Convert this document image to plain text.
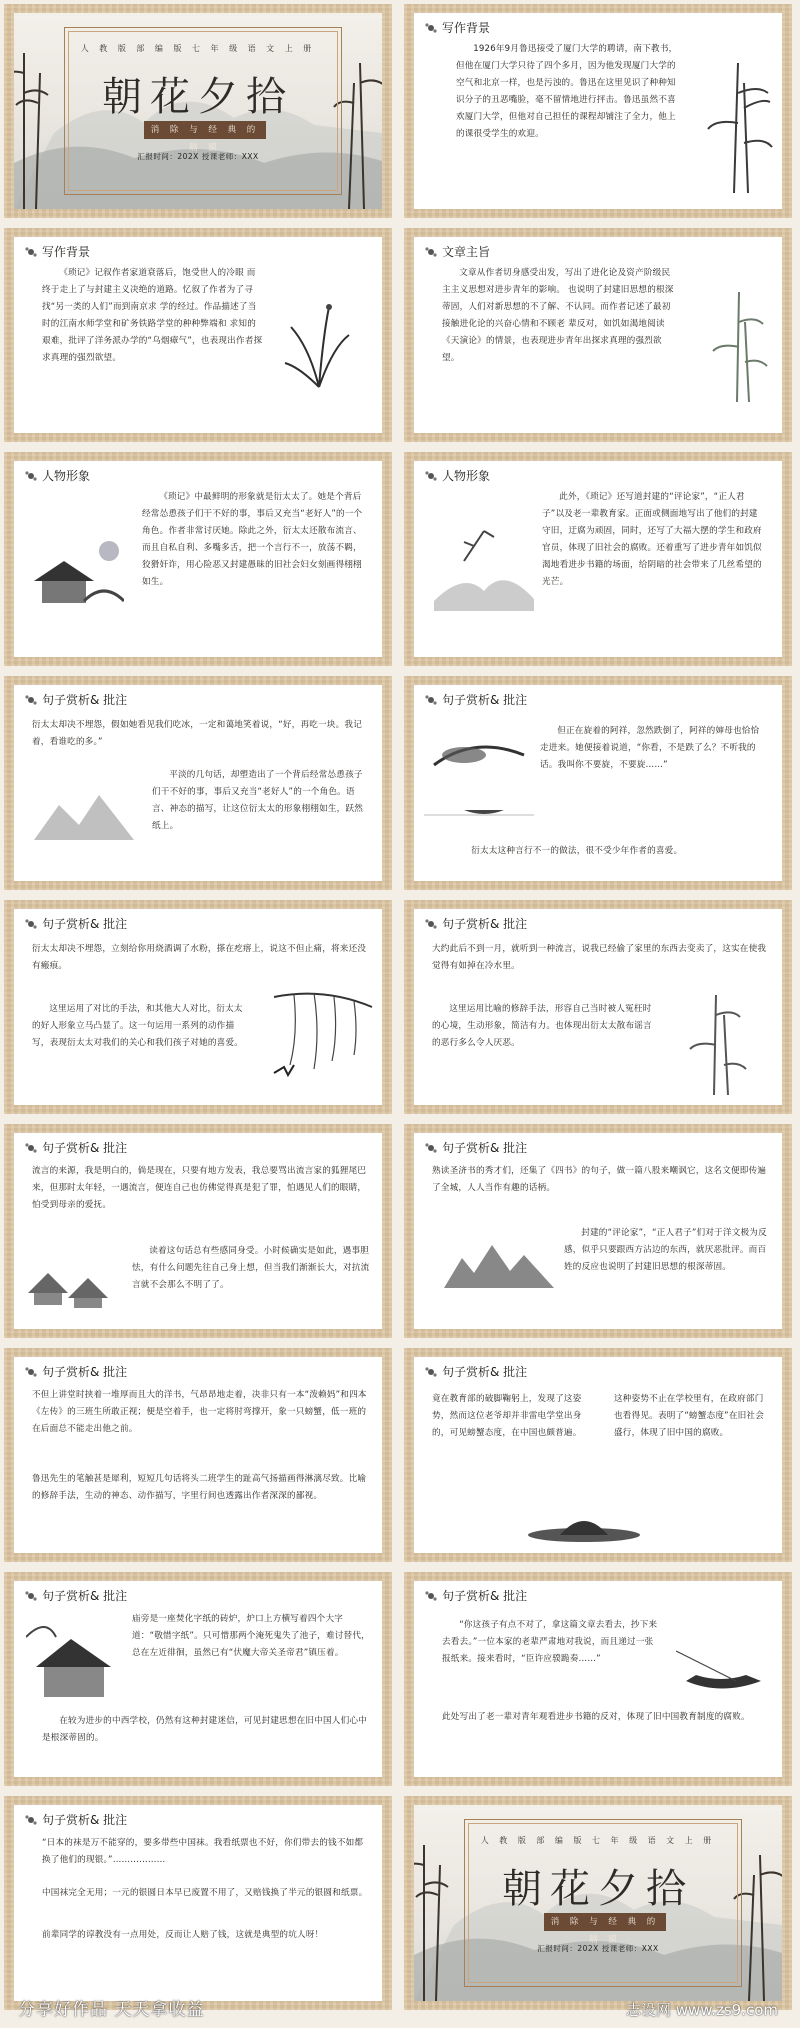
人 教 版 部 编 版 七 年 级 语 文 上 册
朝花夕拾
消 除 与 经 典 的 隔 膜
汇报时间：202X 授课老师：XXX
写作背景

1926年9月鲁迅接受了厦门大学的聘请，南下教书，但他在厦门大学只待了四个多月，因为他发现厦门大学的空气和北京一样，也是污浊的。鲁迅在这里见识了种种知识分子的丑恶嘴脸，毫不留情地进行抨击。鲁迅虽然不喜欢厦门大学，但他对自己担任的课程却铺注了全力，他上的课很受学生的欢迎。

写作背景

《琐记》记叙作者家道衰落后，饱受世人的冷眼 而终于走上了与封建主义决绝的道路。忆叙了作者为了寻找“另一类的人们”而到南京求 学的经过。作品描述了当时的江南水师学堂和矿务铁路学堂的种种弊端和 求知的艰难，批评了洋务派办学的“乌烟瘴气”，也表现出作者探求真理的强烈欲望。

文章主旨

文章从作者切身感受出发，写出了进化论及资产阶级民主主义思想对进步青年的影响。 也说明了封建旧思想的根深蒂固，人们对新思想的不了解、不认同。而作者记述了最初接触进化论的兴奋心情和不顾老 辈反对，如饥如渴地阅读《天演论》的情景，也表现进步青年出探求真理的强烈欲望。

人物形象

《琐记》中最鲜明的形象就是衍太太了。她是个背后经常怂恿孩子们干不好的事，事后又充当“老好人”的一个角色。作者非常讨厌她。除此之外，衍太太还散布流言、而且自私自利、多嘴多舌，把一个言行不一，放荡不羁，狡猾奸诈，用心险恶又封建愚昧的旧社会妇女刻画得栩栩如生。

人物形象

此外，《琐记》还写道封建的“评论家”，“正人君子”以及老一辈教育家。正面或侧面地写出了他们的封建守旧，迂腐为顽固，同时，还写了大福大摆的学生和政府官员，体现了旧社会的腐败。还着重写了进步青年如饥似渴地看进步书籍的场面，给阴暗的社会带来了几丝希望的光芒。

句子赏析& 批注

衍太太却决不埋怨，假如她看见我们吃冰，一定和蔼地笑着说，“好，再吃一块。我记着，看谁吃的多。”

平淡的几句话，却塑造出了一个背后经常怂恿孩子们干不好的事，事后又充当“老好人”的一个角色。语言、神态的描写，让这位衍太太的形象栩栩如生，跃然纸上。

句子赏析& 批注

但正在旋着的阿祥，忽然跌倒了，阿祥的婶母也恰恰走进来。她便接着说道，“你看，不是跌了么？不听我的话。我叫你不要旋，不要旋……”

衍太太这种言行不一的做法，很不受少年作者的喜爱。

句子赏析& 批注

衍太太却决不埋怨，立刻给你用烧酒调了水粉，搽在疙瘩上，说这不但止痛，将来还没有瘢痕。

这里运用了对比的手法，和其他大人对比，衍太太的好人形象立马凸显了。这一句运用一系列的动作描写，表现衍太太对我们的关心和我们孩子对她的喜爱。

句子赏析& 批注

大约此后不到一月，就听到一种流言，说我已经偷了家里的东西去变卖了，这实在使我觉得有如掉在冷水里。

这里运用比喻的修辞手法，形容自己当时被人冤枉时的心境，生动形象，简洁有力。也体现出衍太太散布谣言的恶行多么令人厌恶。

句子赏析& 批注

流言的来源，我是明白的，倘是现在，只要有地方发表，我总要骂出流言家的狐狸尾巴来，但那时太年轻，一遇流言，便连自己也仿佛觉得真是犯了罪，怕遇见人们的眼睛，怕受到母亲的爱抚。

读着这句话总有些感同身受。小时候确实是如此，遇事胆怯，有什么问题先往自己身上想，但当我们渐渐长大，对抗流言就不会那么不明了了。

句子赏析& 批注

熟读圣济书的秀才们，还集了《四书》的句子，做一篇八股来嘲讽它，这名文便即传遍了全城，人人当作有趣的话柄。

封建的“评论家”，“正人君子”们对于洋文极为反感，似乎只要跟西方沾边的东西，就厌恶批评。而百姓的反应也说明了封建旧思想的根深蒂固。

句子赏析& 批注

不但上讲堂时挟着一堆厚而且大的洋书，气昂昂地走着，决非只有一本“泼赖妈”和四本《左传》的三班生所敢正视；便是空着手，也一定将肘弯撑开，象一只螃蟹，低一班的在后面总不能走出他之前。

鲁迅先生的笔触甚是犀利，短短几句话将头二班学生的趾高气扬描画得淋漓尽致。比喻的修辞手法，生动的神态、动作描写，字里行间也透露出作者深深的鄙视。

句子赏析& 批注

竟在教育部的破脚鞠躬上，发现了这姿势，然而这位老爷却并非雷电学堂出身的，可见螃蟹态度，在中国也颇普遍。

这种姿势不止在学校里有，在政府部门也看得见。表明了“螃蟹态度”在旧社会盛行，体现了旧中国的腐败。

句子赏析& 批注

庙旁是一座焚化字纸的砖炉，炉口上方横写着四个大字道：“敬惜字纸”。只可惜那两个淹死鬼失了池子，难讨替代，总在左近徘徊，虽然已有“伏魔大帝关圣帝君”镇压着。

在较为进步的中西学校，仍然有这种封建迷信，可见封建思想在旧中国人们心中是根深蒂固的。

句子赏析& 批注

“你这孩子有点不对了，拿这篇文章去看去，抄下来去看去。”一位本家的老辈严肃地对我说，而且递过一张报纸来。接来看时，“臣许应骙跪奏……”

此处写出了老一辈对青年观看进步书籍的反对，体现了旧中国教育制度的腐败。

句子赏析& 批注

“日本的袜是万不能穿的，要多带些中国袜。我看纸票也不好，你们带去的钱不如都换了他们的现银。”………………

中国袜完全无用；一元的银圆日本早已废置不用了，又赔钱换了半元的银圆和纸票。

前辈同学的谆教没有一点用处，反而让人赔了钱，这就是典型的坑人呀！

人 教 版 部 编 版 七 年 级 语 文 上 册
朝花夕拾
消 除 与 经 典 的 隔 膜
汇报时间：202X 授课老师：XXX
分享好作品 天天拿收益	志设网 www.zs9.com
